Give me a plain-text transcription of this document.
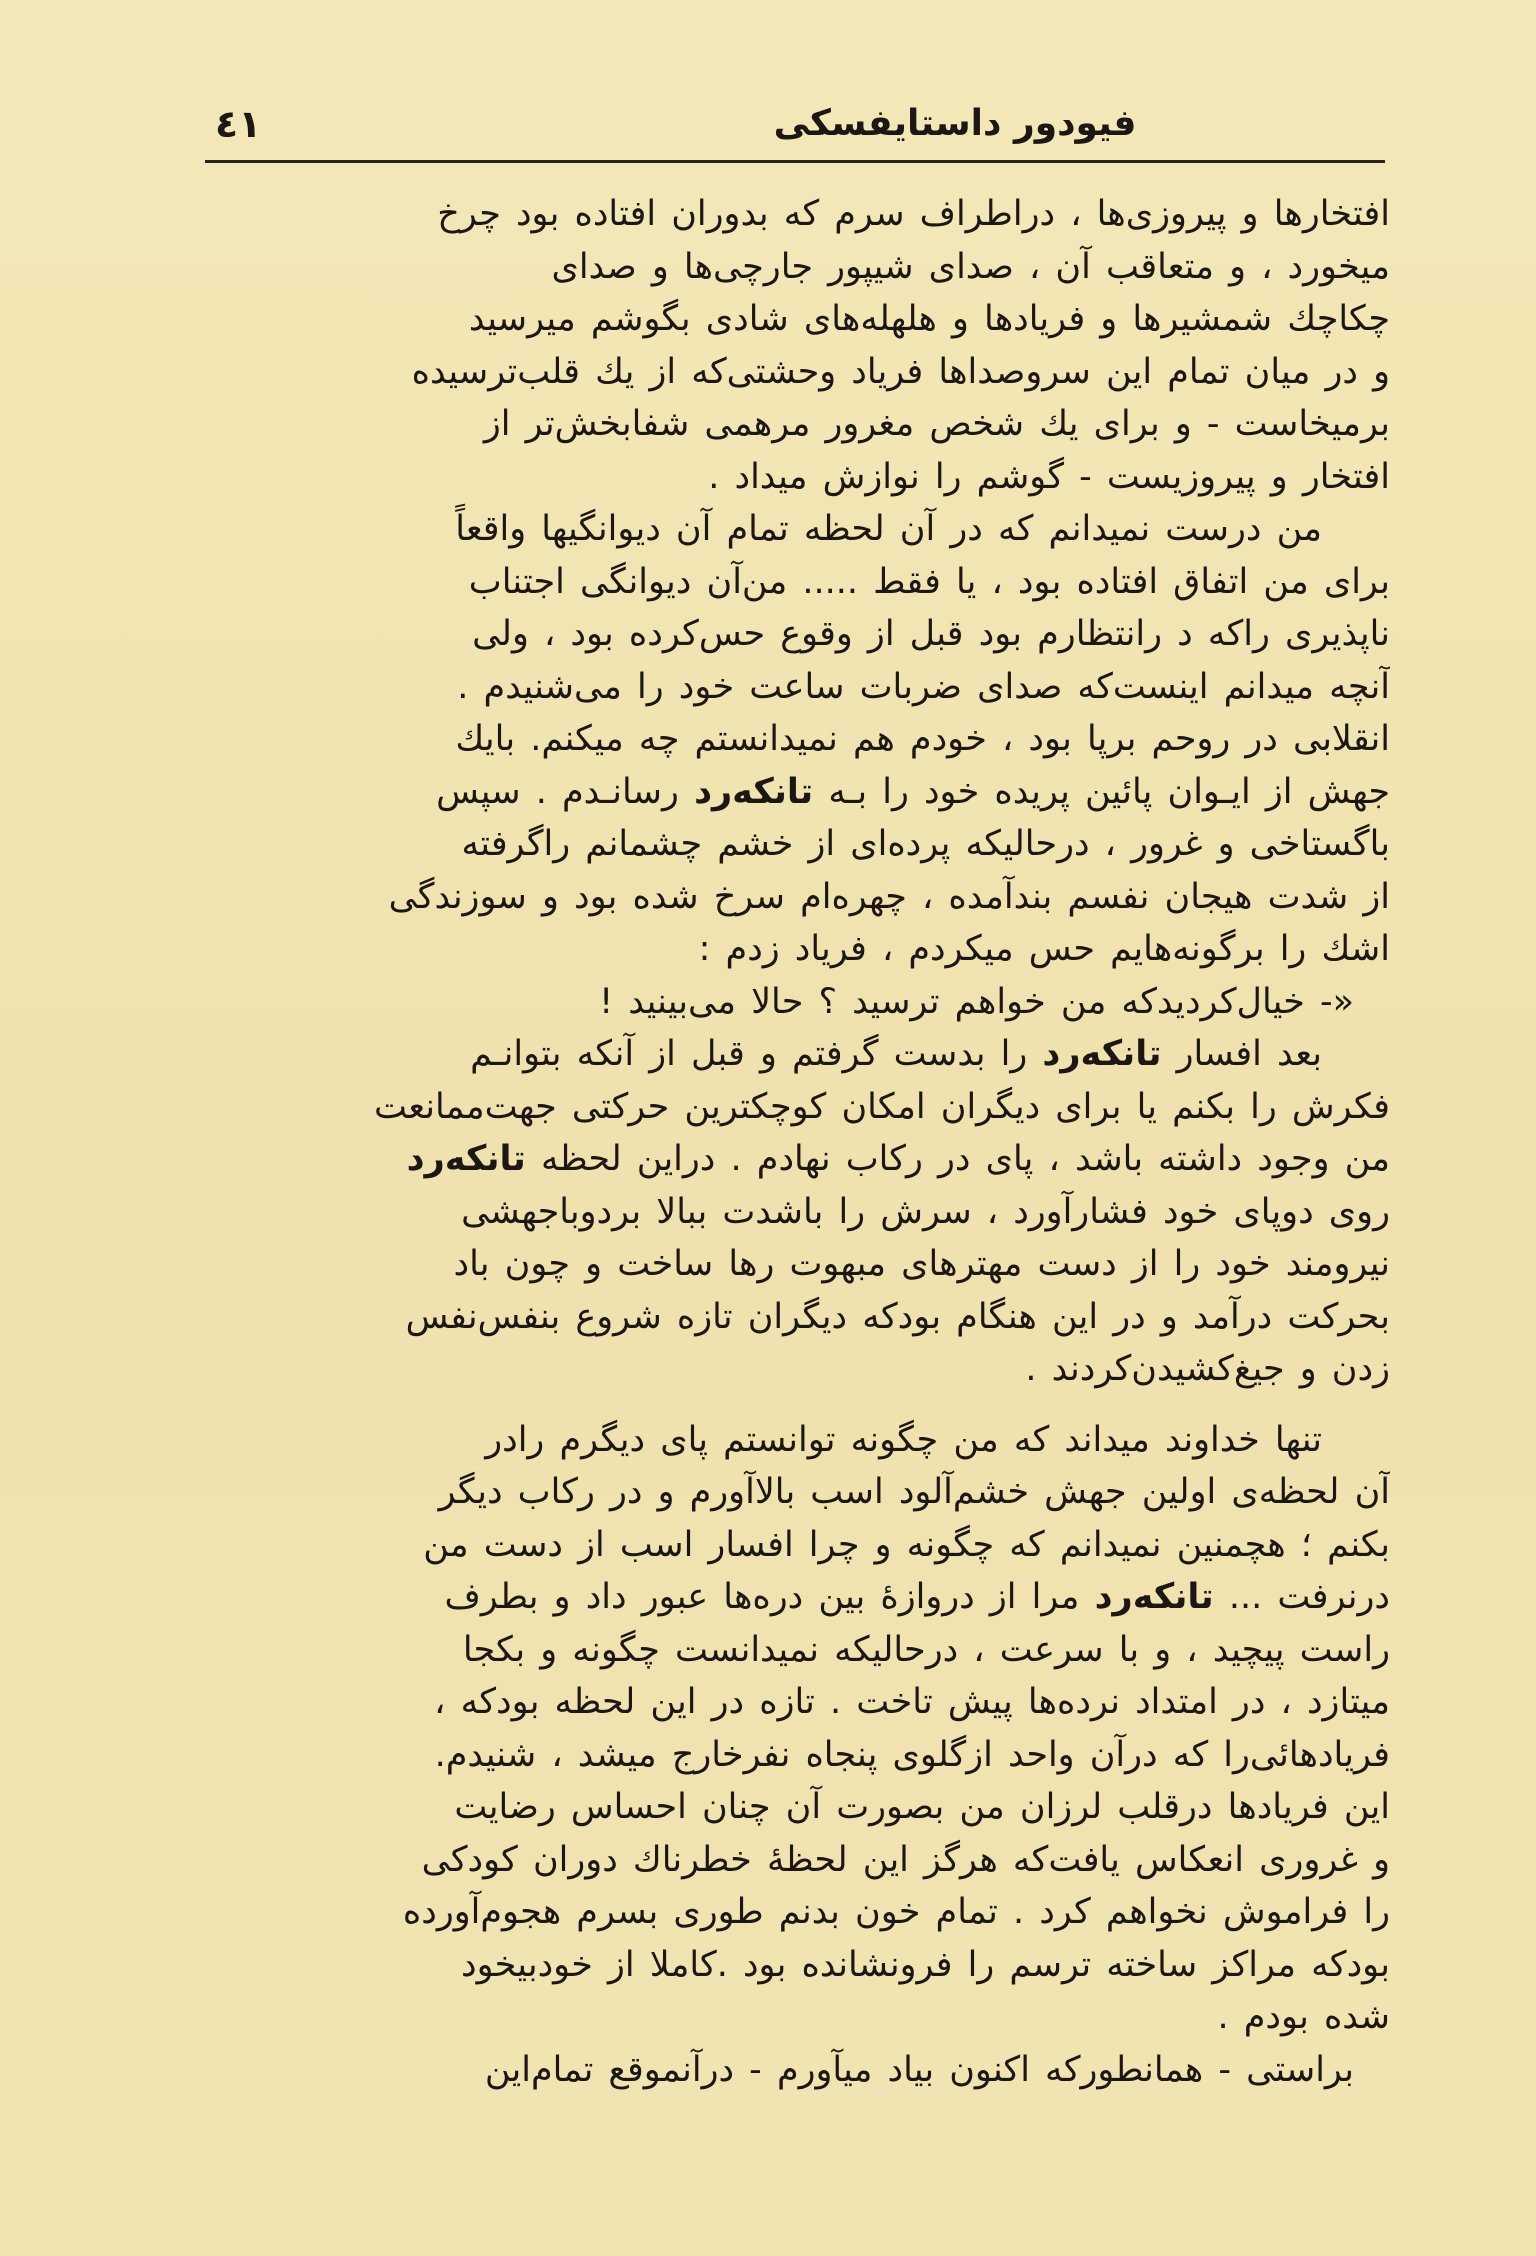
٤١	فیودور داستایفسکی
افتخارها و پیروزی‌ها ، دراطراف سرم که بدوران افتاده بود چرخ
میخورد ، و متعاقب آن ، صدای شیپور جارچی‌ها و صدای
چکاچك شمشیرها و فریادها و هلهله‌های شادی بگوشم میرسید
و در میان تمام این سروصداها فریاد وحشتی‌که از یك قلب‌ترسیده
برمیخاست - و برای یك شخص مغرور مرهمی شفابخش‌تر از
افتخار و پیروزیست - گوشم را نوازش میداد .
من درست نمیدانم که در آن لحظه تمام آن دیوانگیها واقعاً
برای من اتفاق افتاده بود ، یا فقط ..... من‌آن دیوانگی اجتناب
ناپذیری راکه د رانتظارم بود قبل از وقوع حس‌کرده بود ، ولی
آنچه میدانم اینست‌که صدای ضربات ساعت خود را می‌شنیدم .
انقلابی در روحم برپا بود ، خودم هم نمیدانستم چه میکنم. بایك
جهش از ایـوان پائین پریده خود را بـه تانکه‌رد رسانـدم . سپس
باگستاخی و غرور ، درحالیکه پرده‌ای از خشم چشمانم راگرفته
از شدت هیجان نفسم بندآمده ، چهره‌ام سرخ شده بود و سوزندگی
اشك را برگونه‌هایم حس میکردم ، فریاد زدم :
«- خیال‌کردیدکه من خواهم ترسید ؟ حالا می‌بینید !
بعد افسار تانکه‌رد را بدست گرفتم و قبل از آنکه بتوانـم
فکرش را بکنم یا برای دیگران امکان کوچکترین حرکتی جهت‌ممانعت
من وجود داشته باشد ، پای در رکاب نهادم . دراین لحظه تانکه‌رد
روی دوپای خود فشارآورد ، سرش را باشدت ببالا بردوباجهشی
نیرومند خود را از دست مهترهای مبهوت رها ساخت و چون باد
بحرکت درآمد و در این هنگام بودکه دیگران تازه شروع بنفس‌نفس
زدن و جیغ‌کشیدن‌کردند .
تنها خداوند میداند که من چگونه توانستم پای دیگرم رادر
آن لحظه‌ی اولین جهش خشم‌آلود اسب بالاآورم و در رکاب دیگر
بکنم ؛ هچمنین نمیدانم که چگونه و چرا افسار اسب از دست من
درنرفت ... تانکه‌رد مرا از دروازهٔ بین دره‌ها عبور داد و بطرف
راست پیچید ، و با سرعت ، درحالیکه نمیدانست چگونه و بکجا
میتازد ، در امتداد نرده‌ها پیش تاخت . تازه در این لحظه بودکه ،
فریادهائی‌را که درآن واحد ازگلوی پنجاه نفرخارج میشد ، شنیدم.
این فریادها درقلب لرزان من بصورت آن چنان احساس رضایت
و غروری انعکاس یافت‌که هرگز این لحظهٔ خطرناك دوران کودکی
را فراموش نخواهم کرد . تمام خون بدنم طوری بسرم هجوم‌آورده
بودکه مراکز ساخته ترسم را فرونشانده بود .کاملا از خودبیخود
شده بودم .
براستی - همانطورکه اکنون بیاد میآورم - درآنموقع تمام‌این
